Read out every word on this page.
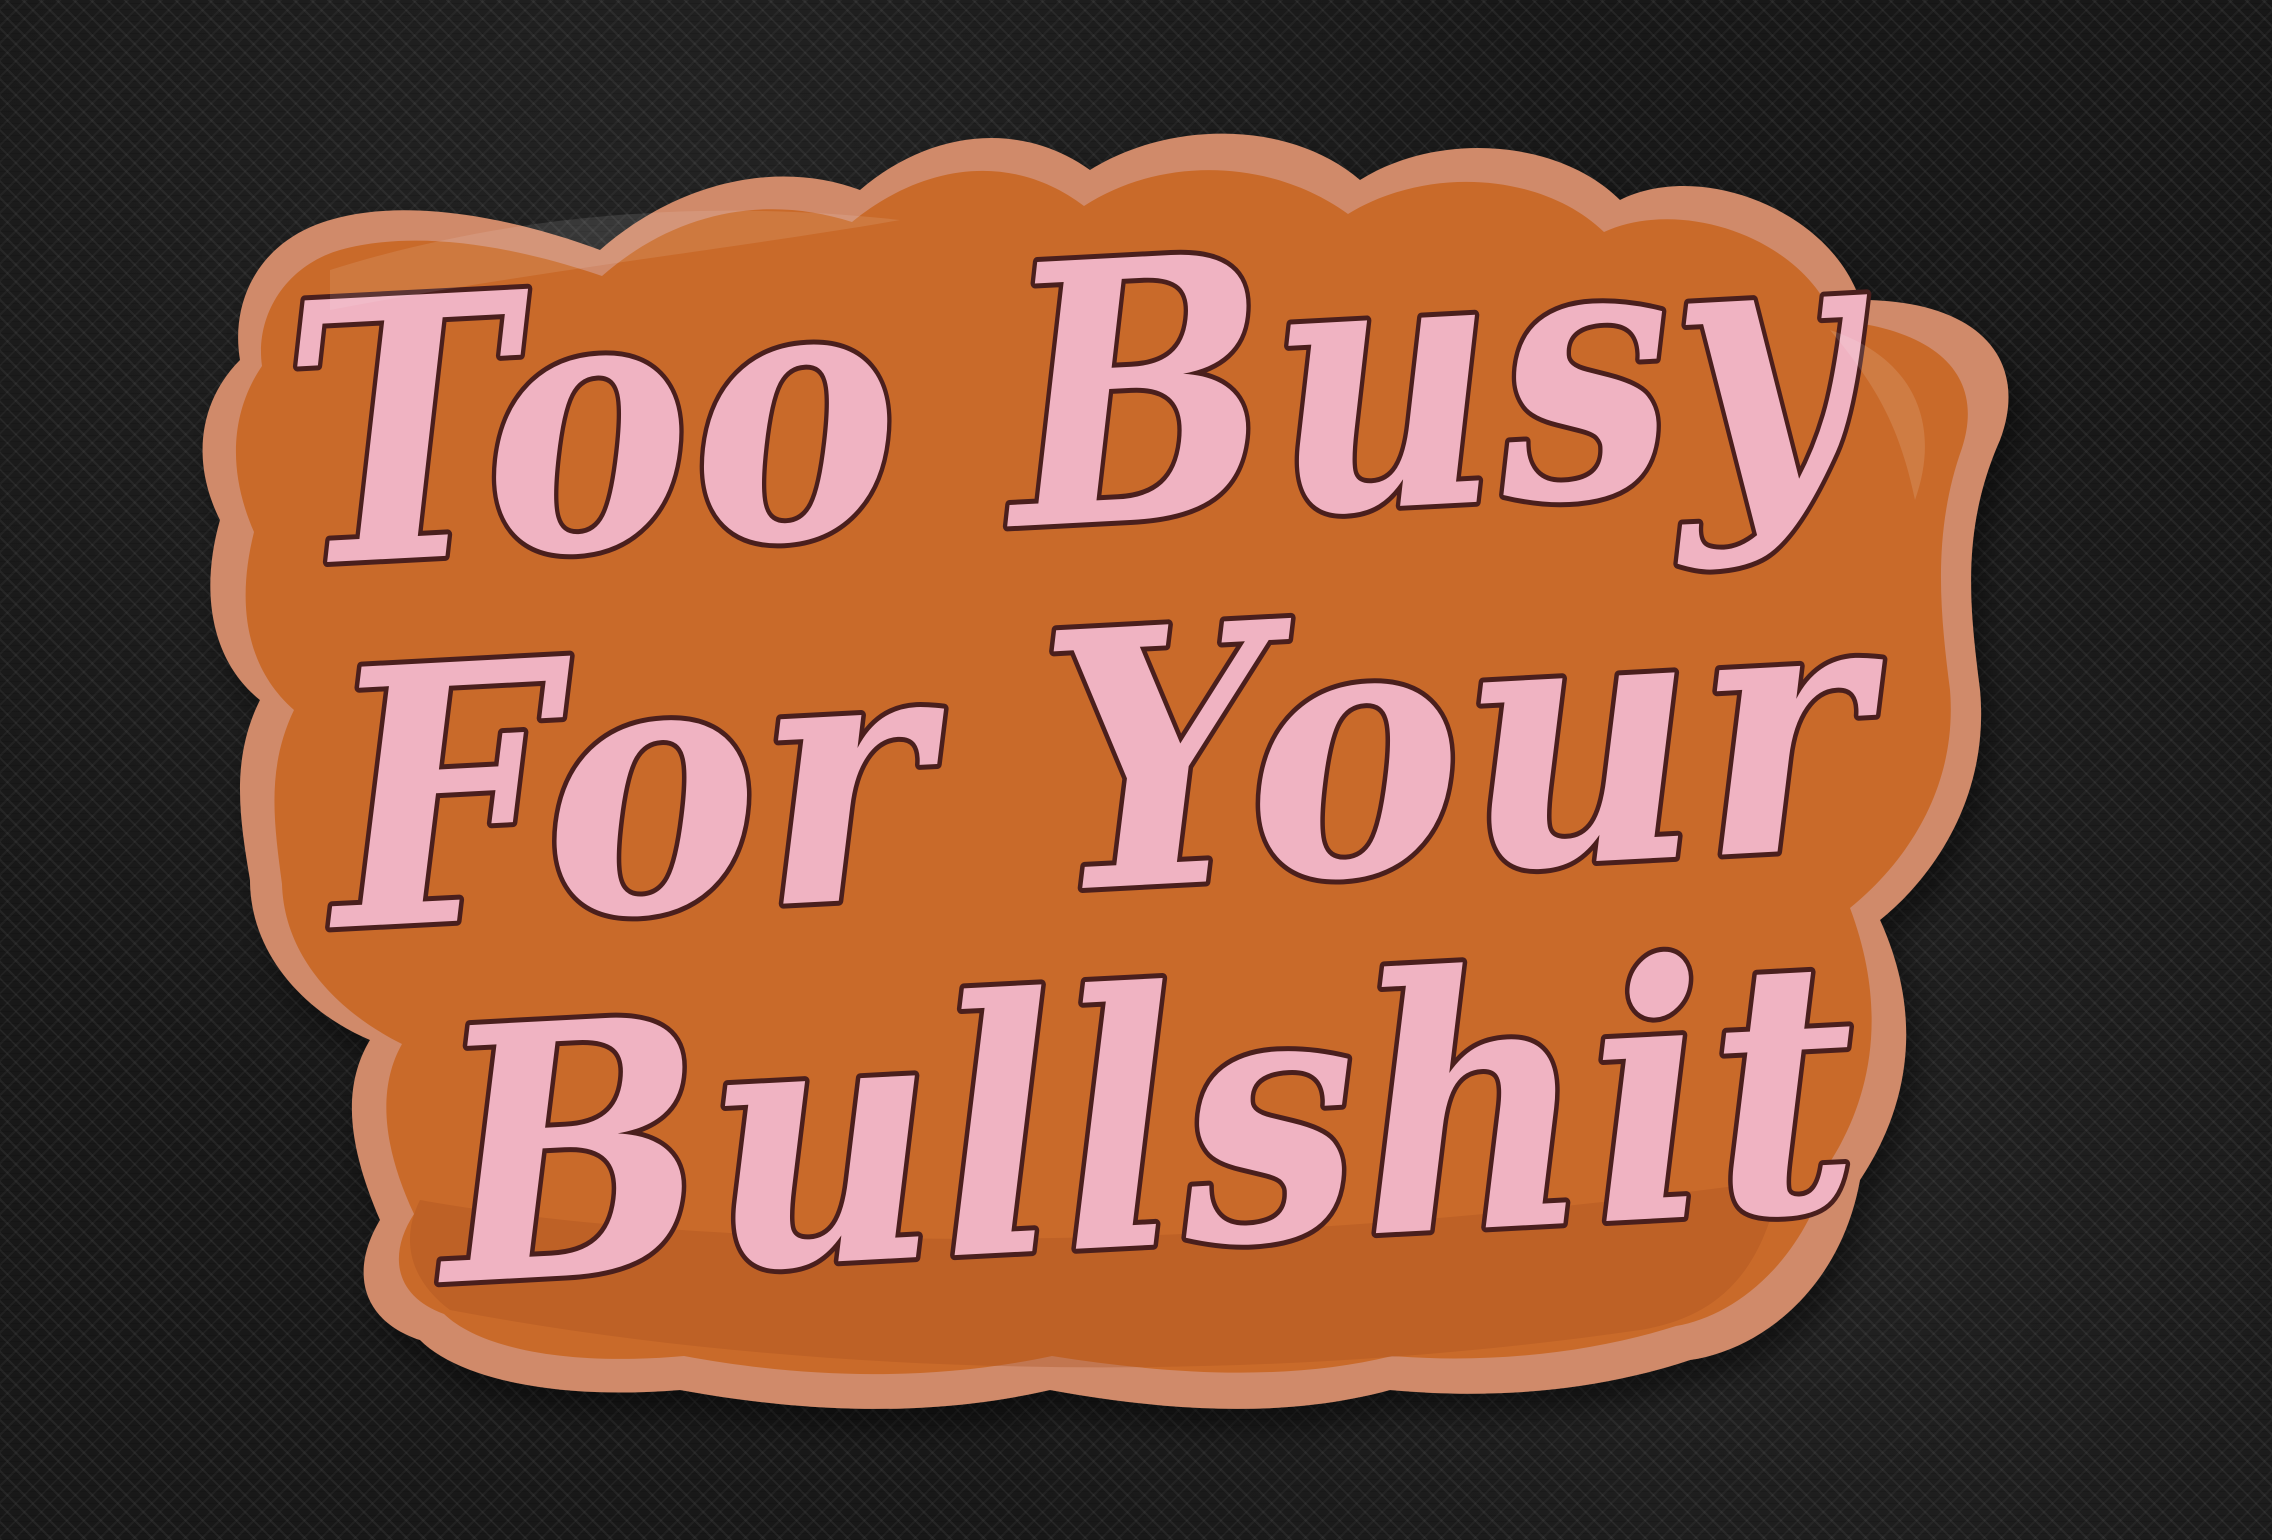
Too Busy
For Your
Bullshit
